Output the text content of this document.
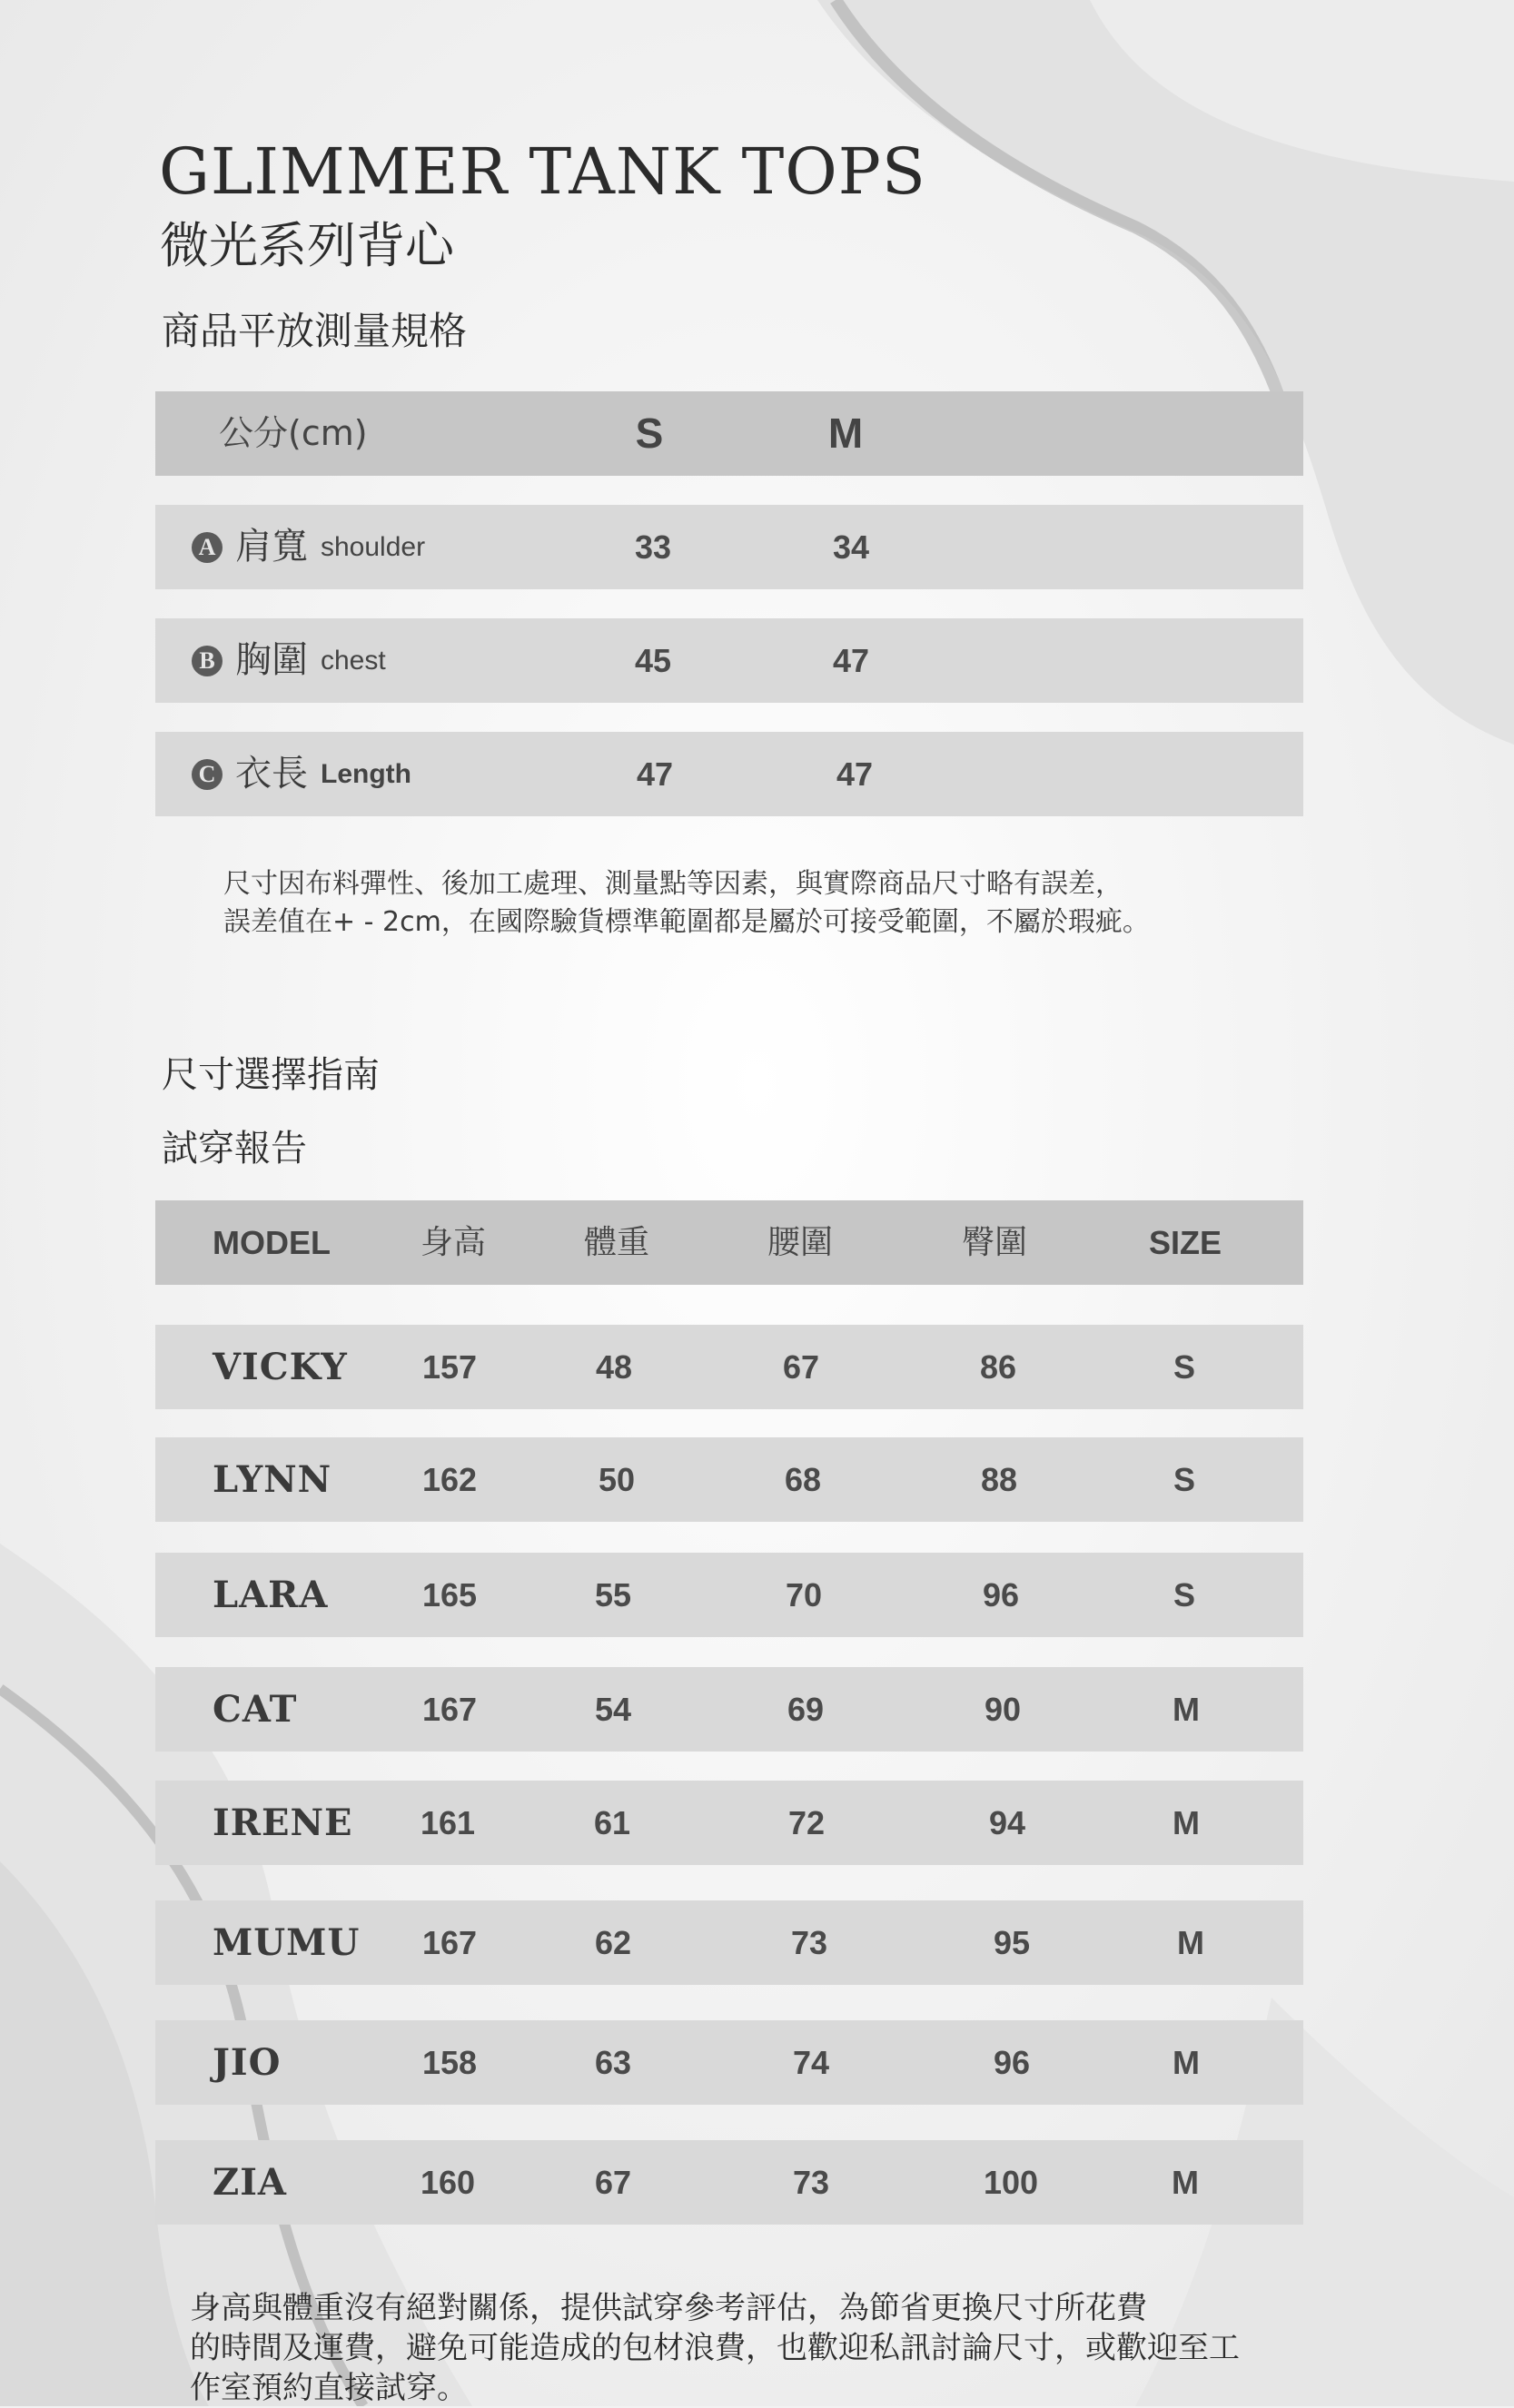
GLIMMER TANK TOPS
微光系列背心
商品平放測量規格
公分(cm)	S	M
A 肩寬 shoulder	33	34
B 胸圍 chest	45	47
C 衣長 Length	47	47
尺寸因布料彈性、後加工處理、測量點等因素，與實際商品尺寸略有誤差，
誤差值在+ - 2cm，在國際驗貨標準範圍都是屬於可接受範圍，不屬於瑕疵。
尺寸選擇指南
試穿報告
MODEL	身高	體重	腰圍	臀圍	SIZE
VICKY 157	48	67	86	S
LYNN	162	50	68	88	S
LARA	165	55	70	96	S
CAT	167	54	69	90	M
IRENE 161	61	72	94	M
MUMU 167	62	73	95	M
JIO	158	63	74	96	M
ZIA	160	67	73	100	M
身高與體重沒有絕對關係，提供試穿參考評估，為節省更換尺寸所花費
的時間及運費，避免可能造成的包材浪費，也歡迎私訊討論尺寸，或歡迎至工
作室預約直接試穿。
